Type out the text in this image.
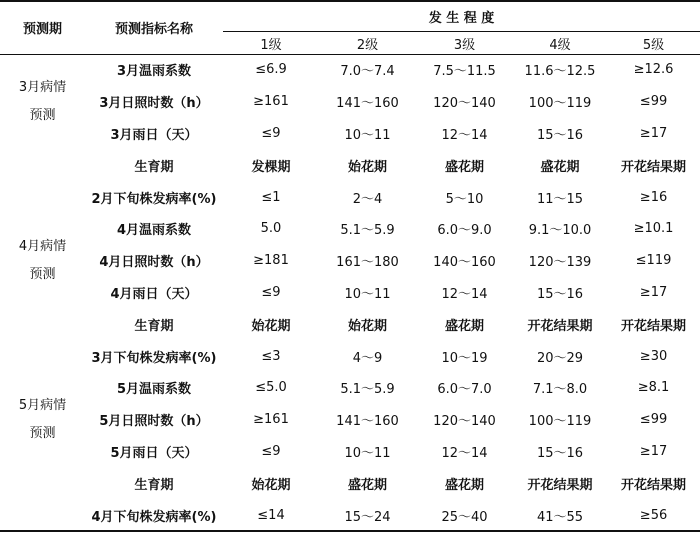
预测期	预测指标名称	发 生 程 度				
		1级	2级	3级	4级	5级

3月病情
预测	3月温雨系数	≤6.9	7.0～7.4	7.5～11.5	11.6～12.5	≥12.6
	3月日照时数（h）	≥161	141～160	120～140	100～119	≤99
	3月雨日（天）	≤9	10～11	12～14	15～16	≥17
	生育期	发棵期	始花期	盛花期	盛花期	开花结果期

4月病情
预测	2月下旬株发病率(%)	≤1	2～4	5～10	11～15	≥16
	4月温雨系数	5.0	5.1～5.9	6.0～9.0	9.1～10.0	≥10.1
	4月日照时数（h）	≥181	161～180	140～160	120～139	≤119
	4月雨日（天）	≤9	10～11	12～14	15～16	≥17
	生育期	始花期	始花期	盛花期	开花结果期	开花结果期

5月病情
预测	3月下旬株发病率(%)	≤3	4～9	10～19	20～29	≥30
	5月温雨系数	≤5.0	5.1～5.9	6.0～7.0	7.1～8.0	≥8.1
	5月日照时数（h）	≥161	141～160	120～140	100～119	≤99
	5月雨日（天）	≤9	10～11	12～14	15～16	≥17
	生育期	始花期	盛花期	盛花期	开花结果期	开花结果期
	4月下旬株发病率(%)	≤14	15～24	25～40	41～55	≥56
